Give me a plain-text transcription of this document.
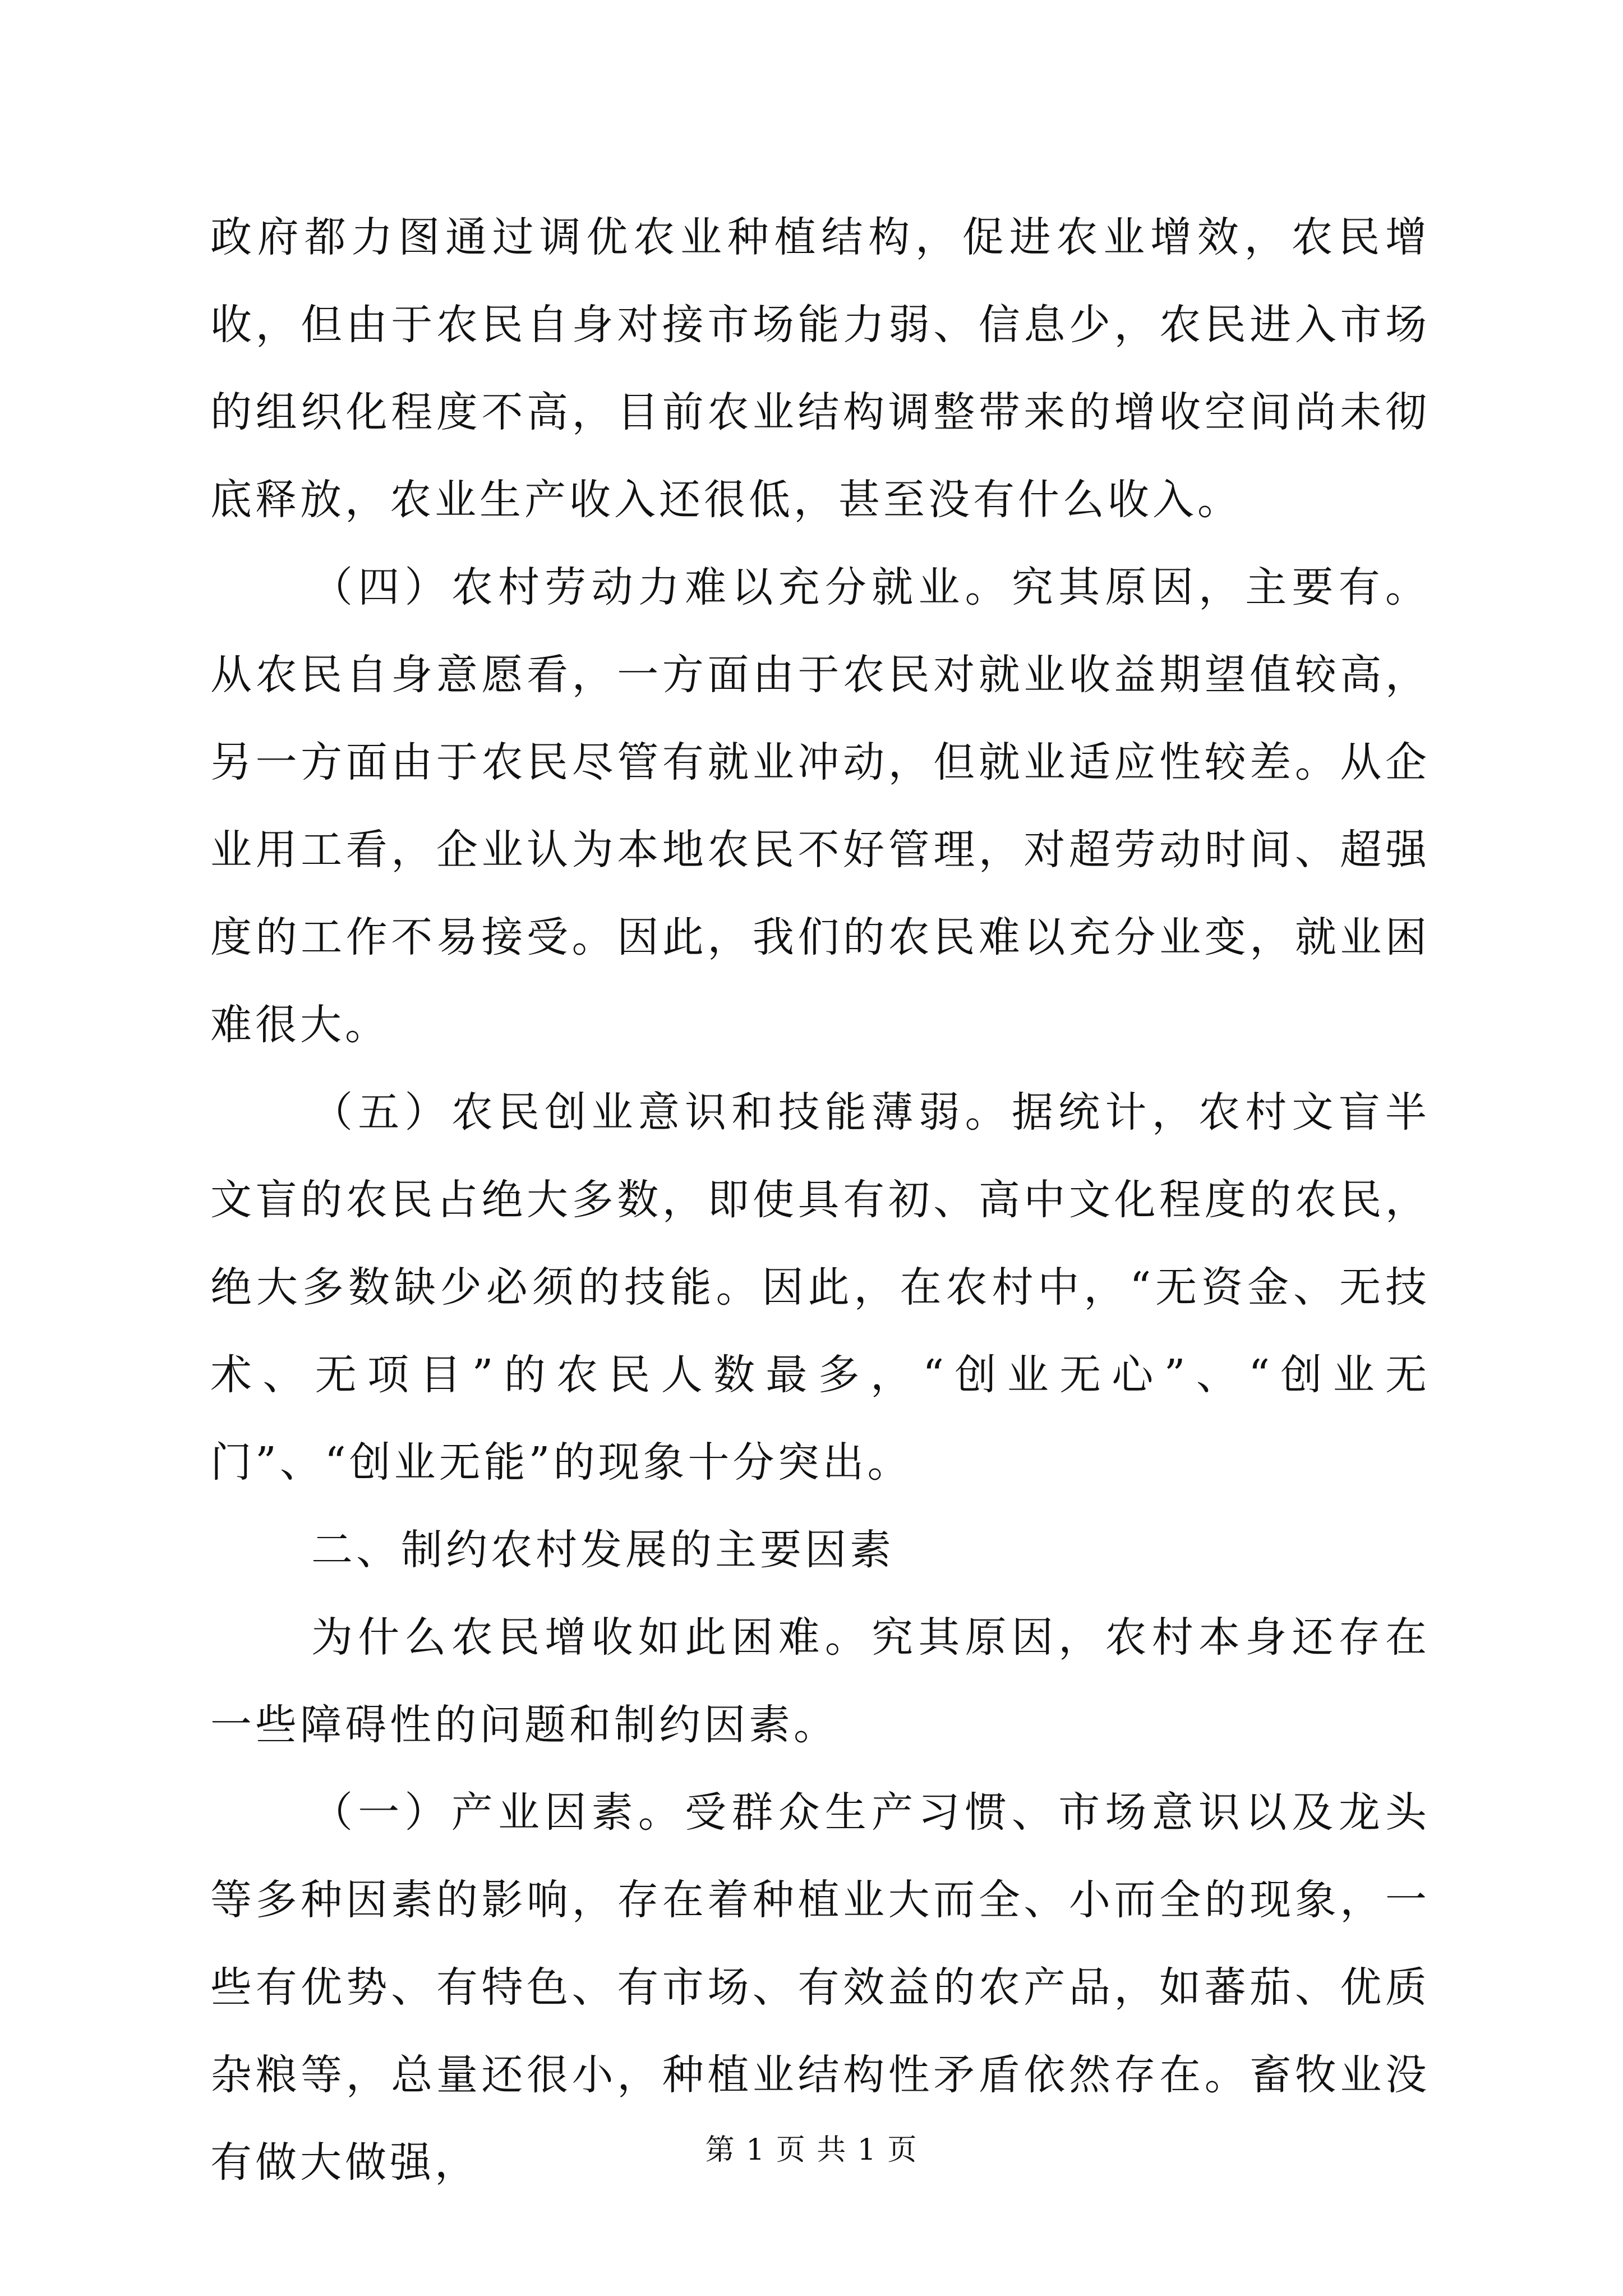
政府都力图通过调优农业种植结构，促进农业增效，农民增收，但由于农民自身对接市场能力弱、信息少，农民进入市场的组织化程度不高，目前农业结构调整带来的增收空间尚未彻底释放，农业生产收入还很低，甚至没有什么收入。

（四）农村劳动力难以充分就业。究其原因，主要有。从农民自身意愿看，一方面由于农民对就业收益期望值较高，另一方面由于农民尽管有就业冲动，但就业适应性较差。从企业用工看，企业认为本地农民不好管理，对超劳动时间、超强度的工作不易接受。因此，我们的农民难以充分业变，就业困难很大。

（五）农民创业意识和技能薄弱。据统计，农村文盲半文盲的农民占绝大多数，即使具有初、高中文化程度的农民，绝大多数缺少必须的技能。因此，在农村中，“无资金、无技术、无项目”的农民人数最多，“创业无心”、“创业无门”、“创业无能”的现象十分突出。

二、制约农村发展的主要因素

为什么农民增收如此困难。究其原因，农村本身还存在一些障碍性的问题和制约因素。

（一）产业因素。受群众生产习惯、市场意识以及龙头等多种因素的影响，存在着种植业大而全、小而全的现象，一些有优势、有特色、有市场、有效益的农产品，如蕃茄、优质杂粮等，总量还很小，种植业结构性矛盾依然存在。畜牧业没有做大做强，	第 1 页 共 1 页
